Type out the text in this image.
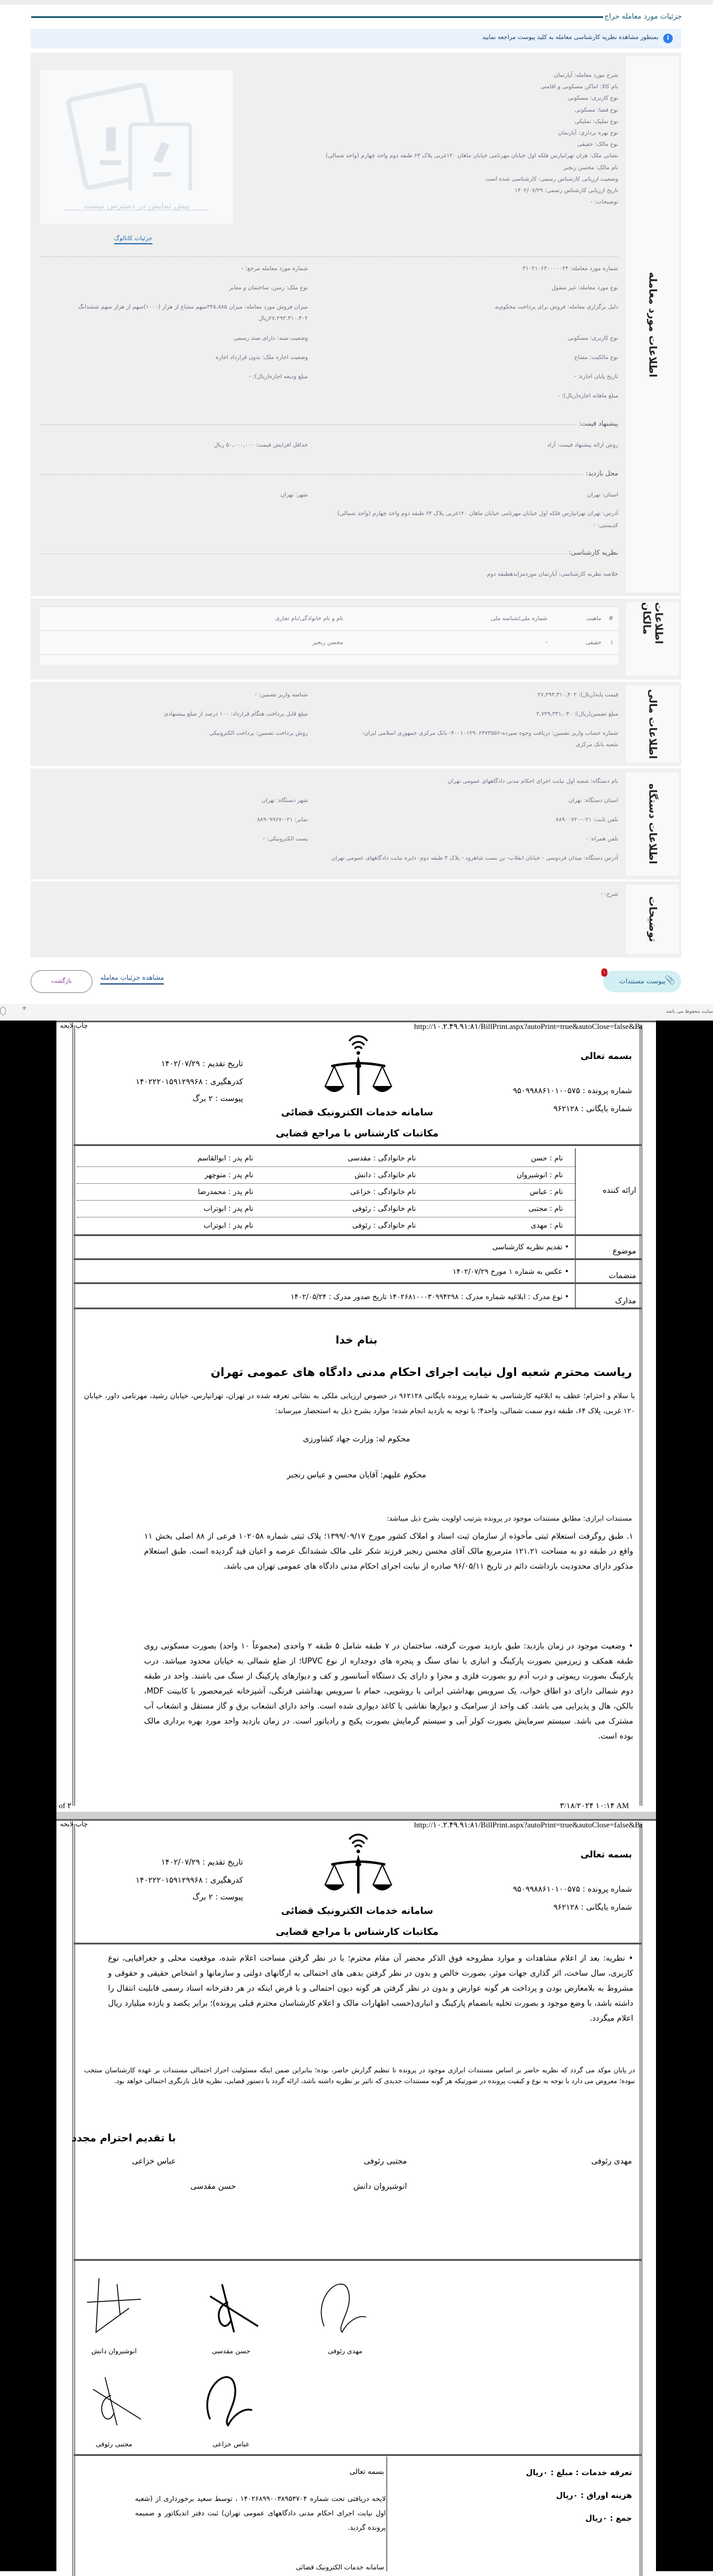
جزئیات مورد معامله حراج
i
بمنظور مشاهده نظریه کارشناسی معامله به کلید پیوست مراجعه نمایید
اطلاعات مورد معامله
پیش نمایش در دسترس نیست
جزئیات کاتالوگ
پیشنهاد قیمت:
روش ارائه پیشنهاد قیمت: آزاد
حداقل افزایش قیمت: ۵۰,۰۰۰,۰۰۰ ریال
محل بازدید:
استان: تهران
شهر: تهران
آدرس: تهران تهرانپارس فلکه اول خیابان مهرنامی خیابان ماهان ۱۲۰غربی پلاک ۶۴ طبقه دوم واحد چهارم (واحد شمالی)
کدپستی: -
نظریه کارشناسی:
خلاصه نظریه کارشناسی: آپارتمان موردمزایدهطبقه دوم
اطلاعات مالکان
#	ماهیت	شماره ملی/شناسه ملی	نام و نام خانوادگی/نام تجاری
۱	حقیقی	-	محسن رنجبر

اطلاعات مالی
قیمت پایه(ریال): ۲۷,۲۹۳,۳۱۰,۴۰۲
مبلغ تضمین(ریال): ۲,۷۲۹,۳۳۱,۰۴۰
شماره حساب واریز تضمین: دریافت وجوه سپرده-۴۰۰۱۰۱۲۹۰۶۳۷۳۵۵۶- بانک مرکزی جمهوری اسلامی ایران-
شعبه بانک مرکزی
شناسه واریز تضمین: -
مبلغ قابل پرداخت هنگام قرارداد: ۱۰۰ درصد از مبلغ پیشنهادی
روش پرداخت تضمین: پرداخت الکترونیکی
اطلاعات دستگاه
نام دستگاه: شعبه اول نیابت اجرای احکام مدنی دادگاههای عمومی تهران
استان دستگاه: تهران
تلفن ثابت: ۰۲۱-۸۸۹۰۰۷۲۰
تلفن همراه: -
شهر دستگاه: تهران
نمابر: ۰۲۱-۸۸۹۰۹۹۶۷
پست الکترونیکی: -
آدرس دستگاه: میدان فردوسی - خیابان انقلاب- بن بست شاهرود - پلاک ۴ طبقه دوم- دایره نیابت دادگاههای عمومی تهران
توضیحات
شرح: -
پیوست مستندات
📎
۱
مشاهده جزئیات معامله
بازگشت
سایت محفوظ می باشد
⚜
شرح مورد معامله: آپارتمان
نام کالا: اماکن مسکونی و اقامتی
نوع کاربری: مسکونی
نوع فضا: مسکونی
نوع تملیک: تملیکی
نوع بهره برداری: آپارتمان
نوع مالک: حقیقی
نشانی ملک: هران تهرانپارس فلکه اول خیابان مهرنامی خیابان ماهان ۱۲۰غربی پلاک ۶۴ طبقه دوم واحد چهارم (واحد شمالی)
نام مالک: محسن رنجبر
وضعیت ارزیابی کارشناس رسمی: کارشناسی شده است
تاریخ ارزیابی کارشناس رسمی: ۱۴۰۲/۰۷/۲۹
توضیحات: -
شماره مورد معامله: ۳۱۰۲۱۰۶۳۰۰۰۰۰۴۴
نوع مورد معامله: غیر منقول
دلیل برگزاری معامله: فروش برای پرداخت محکوم‌به
نوع کاربری: مسکونی
نوع مالکیت: مشاع
تاریخ پایان اجاره: -
مبلغ ماهانه اجاره(ریال): -
شماره مورد معامله مرجع: -
نوع ملک: زمین، ساختمان و معابر
میزان فروش مورد معامله: میزان ۳۴۵.۸۸۵سهم مشاع از هزار (۱۰۰۰)سهم از هزار سهم ششدانگ
۲۷.۲۹۳.۳۱۰.۴۰۲ریال
وضعیت سند: دارای سند رسمی
وضعیت اجاره ملک: بدون قرارداد اجاره
مبلغ ودیعه اجاره(ریال): -
http://۱۰.۲.۴۹.۹۱:۸۱/BillPrint.aspx?autoPrint=true&autoClose=false&Bi
چاپ لایحه
بسمه تعالی
شماره پرونده : ۹۵۰۹۹۸۸۶۱۰۱۰۰۵۷۵
شماره بایگانی : ۹۶۲۱۲۸
تاریخ تقدیم : ۱۴۰۲/۰۷/۲۹
کدرهگیری : ۱۴۰۲۲۲۰۱۵۹۱۲۹۹۶۸
پیوست : ۲ برگ
سامانه خدمات الکترونیک قضائی
مکاتبات کارشناس با مراجع قضایی
نام : حسن
نام خانوادگی : مقدسی
نام پدر : ابوالقاسم
نام : انوشیروان
نام خانوادگی : دانش
نام پدر : منوچهر
نام : عباس
نام خانوادگی : خزاعی
نام پدر : محمدرضا
نام : مجتبی
نام خانوادگی : رئوفی
نام پدر : ابوتراب
نام : مهدی
نام خانوادگی : رئوفی
نام پدر : ابوتراب
ارائه کننده
موضوع
• تقدیم نظریه کارشناسی
منضمات
• عکس به شماره ۱ مورخ ۱۴۰۲/۰۷/۲۹
مدارک
• نوع مدرک : ابلاغیه شماره مدرک : ۱۴۰۲۶۸۱۰۰۰۳۰۹۹۴۲۹۸ تاریخ صدور مدرک : ۱۴۰۲/۰۵/۲۴
بنام خدا
ریاست محترم شعبه اول نیابت اجرای احکام مدنی دادگاه های عمومی تهران
با سلام و احترام؛ عطف به ابلاغیه کارشناسی به شماره پرونده بایگانی ۹۶۲۱۲۸ در خصوص ارزیابی ملکی به نشانی تعرفه شده در تهران، تهرانپارس، خیابان رشید، مهرنامی داور، خیابان ۱۲۰ غربی، پلاک ۶۴، طبقه دوم سمت شمالی، واحد۴؛ با توجه به بازدید انجام شده؛ موارد بشرح ذیل به استحضار میرساند:
محکوم له: وزارت جهاد کشاورزی
محکوم علیهم: آقایان محسن و عباس رنجبر
مستندات ابرازی: مطابق مستندات موجود در پرونده بترتیب اولویت بشرح ذیل میباشد:
۱. طبق روگرفت استعلام ثبتی مأخوذه از سازمان ثبت اسناد و املاک کشور مورخ ۱۳۹۹/۰۹/۱۷؛ پلاک ثبتی شماره ۱۰۲۰۵۸ فرعی از ۸۸ اصلی بخش ۱۱ واقع در طبقه دو به مساحت ۱۲۱.۲۱ مترمربع مالک آقای محسن رنجبر فرزند شکر علی مالک ششدانگ عرصه و اعیان قید گردیده است. طبق استعلام مذکور دارای محدودیت بازداشت دائم در تاریخ ۹۶/۰۵/۱۱ صادره از نیابت اجرای احکام مدنی دادگاه های عمومی تهران می باشد.
• وضعیت موجود در زمان بازدید: طبق بازدید صورت گرفته، ساختمان در ۷ طبقه شامل ۵ طبقه ۲ واحدی (مجموعاً ۱۰ واحد) بصورت مسکونی روی طبقه همکف و زیرزمین بصورت پارکینگ و انباری با نمای سنگ و پنجره های دوجداره از نوع UPVC؛ از ضلع شمالی به خیابان محدود میباشد. درب پارکینگ بصورت ریموتی و درب آدم رو بصورت فلزی و مجزا و دارای یک دستگاه آسانسور و کف و دیوارهای پارکینگ از سنگ می باشند. واحد در طبقه دوم شمالی دارای دو اطاق خواب، یک سرویس بهداشتی ایرانی با روشویی، حمام با سرویس بهداشتی فرنگی، آشپزخانه غیرمحصور با کابینت MDF، بالکن، هال و پذیرایی می باشد. کف واحد از سرامیک و دیوارها نقاشی یا کاغذ دیواری شده است. واحد دارای انشعاب برق و گاز مستقل و انشعاب آب مشترک می باشد. سیستم سرمایش بصورت کولر آبی و سیستم گرمایش بصورت پکیج و رادیاتور است. در زمان بازدید واحد مورد بهره برداری مالک بوده است.
۳/۱۸/۲۰۲۴ ۱۰:۱۴ AM
of ۲
http://۱۰.۲.۴۹.۹۱:۸۱/BillPrint.aspx?autoPrint=true&autoClose=false&Bi
چاپ لایحه
بسمه تعالی
شماره پرونده : ۹۵۰۹۹۸۸۶۱۰۱۰۰۵۷۵
شماره بایگانی : ۹۶۲۱۲۸
تاریخ تقدیم : ۱۴۰۲/۰۷/۲۹
کدرهگیری : ۱۴۰۲۲۲۰۱۵۹۱۲۹۹۶۸
پیوست : ۲ برگ
سامانه خدمات الکترونیک قضائی
مکاتبات کارشناس با مراجع قضایی
• نظریه: بعد از اعلام مشاهدات و موارد مطروحه فوق الذکر محضر آن مقام محترم؛ با در نظر گرفتن مساحت اعلام شده، موقعیت محلی و جغرافیایی، نوع کاربری، سال ساخت، اثر گذاری جهات موثر، بصورت خالص و بدون در نظر گرفتن بدهی های احتمالی به ارگانهای دولتی و سازمانها و اشخاص حقیقی و حقوقی و مشروط به بلامعارض بودن و پرداخت هر گونه عوارض و بدون در نظر گرفتن هر گونه دیون احتمالی و با فرض اینکه در هر دفترخانه اسناد رسمی قابلیت انتقال را داشته باشد، با وضع موجود و بصورت تخلیه بانضمام پارکینگ و انباری(حسب اظهارات مالک و اعلام کارشناسان محترم قبلی پرونده)؛ برابر یکصد و یازده میلیارد ریال اعلام میگردد.
در پایان موکد می گردد که نظریه حاضر بر اساس مستندات ابرازی موجود در پرونده تا تنظیم گزارش حاضر، بوده؛ بنابراین ضمن اینکه مسئولیت احراز احتمالی مستندات بر عهده کارشناسان منتخب نبوده؛ معروض می دارد با توجه به نوع و کیفیت پرونده در صورتیکه هر گونه مستندات جدیدی که تاثیر بر نظریه داشته باشد، ارائه گردد با دستور قضایی، نظریه قابل بازنگری احتمالی خواهد بود.
با تقدیم احترام مجدد
مهدی رئوفی
مجتبی رئوفی
عباس خزاعی
انوشیروان دانش
حسن مقدسی
مهدی رئوفی
حسن مقدسی
انوشیروان دانش
عباس خزاعی
مجتبی رئوفی
تعرفه خدمات : مبلغ : ۰ریال
هزینه اوراق : ۰ریال
جمع : ۰ریال
بسمه تعالی
لایحه دریافتی تحت شماره ۱۴۰۲۶۸۹۹۰۰۳۸۹۵۳۷۰۴ ، توسط سعید برخورداری از (شعبه اول نیابت اجرای احکام مدنی دادگاههای عمومی تهران) ثبت دفتر اندیکاتور و ضمیمه پرونده گردید.
سامانه خدمات الکترونیک قضائی
